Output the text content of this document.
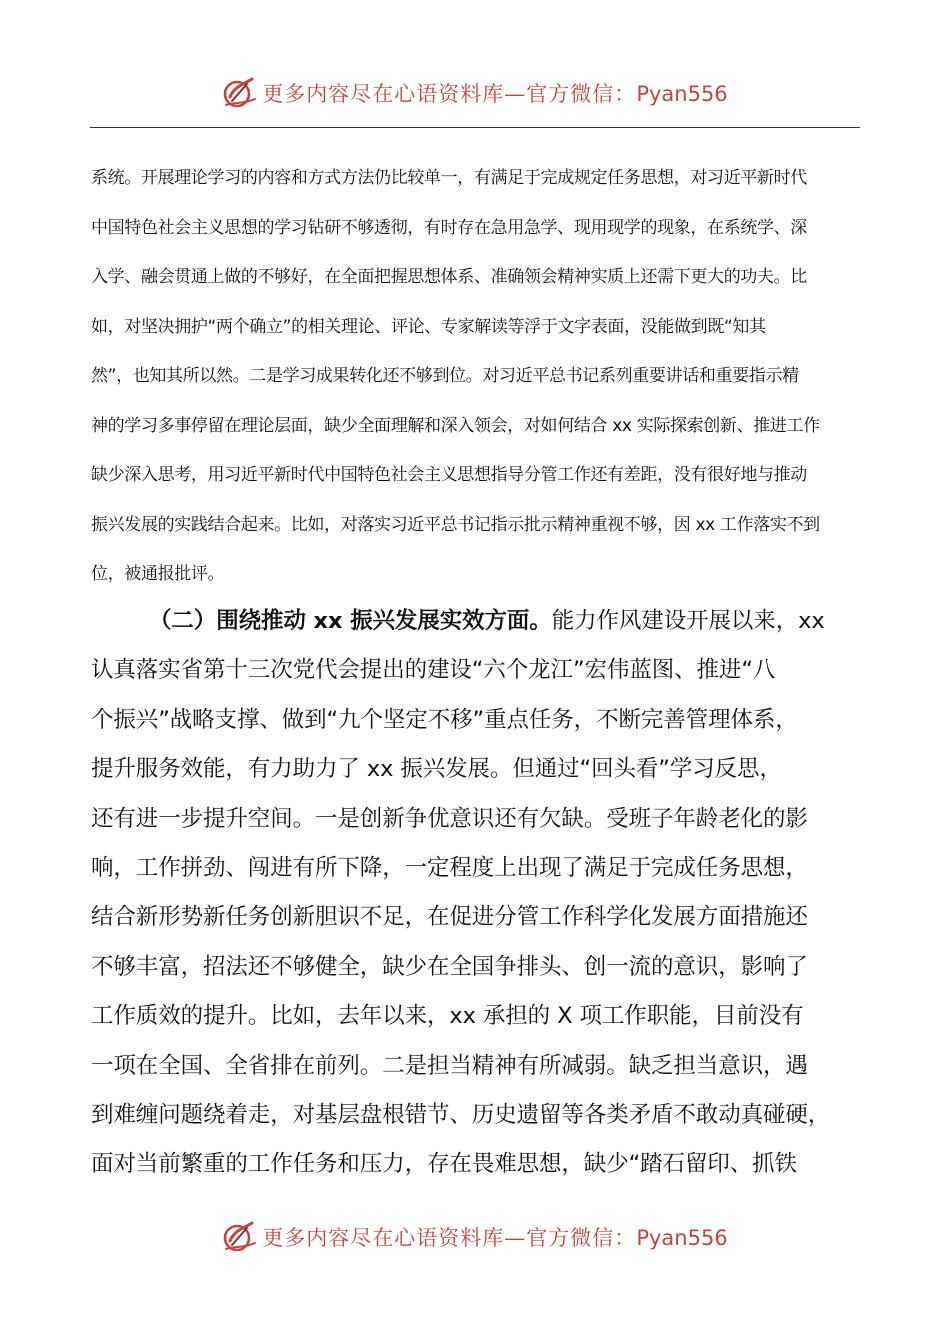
更多内容尽在心语资料库—官方微信：Pyan556
系统。开展理论学习的内容和方式方法仍比较单一，有满足于完成规定任务思想，对习近平新时代
中国特色社会主义思想的学习钻研不够透彻，有时存在急用急学、现用现学的现象，在系统学、深
入学、融会贯通上做的不够好，在全面把握思想体系、准确领会精神实质上还需下更大的功夫。比
如，对坚决拥护“两个确立”的相关理论、评论、专家解读等浮于文字表面，没能做到既“知其
然”，也知其所以然。二是学习成果转化还不够到位。对习近平总书记系列重要讲话和重要指示精
神的学习多事停留在理论层面，缺少全面理解和深入领会，对如何结合 xx 实际探索创新、推进工作
缺少深入思考，用习近平新时代中国特色社会主义思想指导分管工作还有差距，没有很好地与推动
振兴发展的实践结合起来。比如，对落实习近平总书记指示批示精神重视不够，因 xx 工作落实不到
位，被通报批评。
（二）围绕推动 xx 振兴发展实效方面。能力作风建设开展以来，xx
认真落实省第十三次党代会提出的建设“六个龙江”宏伟蓝图、推进“八
个振兴”战略支撑、做到“九个坚定不移”重点任务，不断完善管理体系，
提升服务效能，有力助力了 xx 振兴发展。但通过“回头看”学习反思，
还有进一步提升空间。一是创新争优意识还有欠缺。受班子年龄老化的影
响，工作拼劲、闯进有所下降，一定程度上出现了满足于完成任务思想，
结合新形势新任务创新胆识不足，在促进分管工作科学化发展方面措施还
不够丰富，招法还不够健全，缺少在全国争排头、创一流的意识，影响了
工作质效的提升。比如，去年以来，xx 承担的 X 项工作职能，目前没有
一项在全国、全省排在前列。二是担当精神有所减弱。缺乏担当意识，遇
到难缠问题绕着走，对基层盘根错节、历史遗留等各类矛盾不敢动真碰硬，
面对当前繁重的工作任务和压力，存在畏难思想，缺少“踏石留印、抓铁
更多内容尽在心语资料库—官方微信：Pyan556
